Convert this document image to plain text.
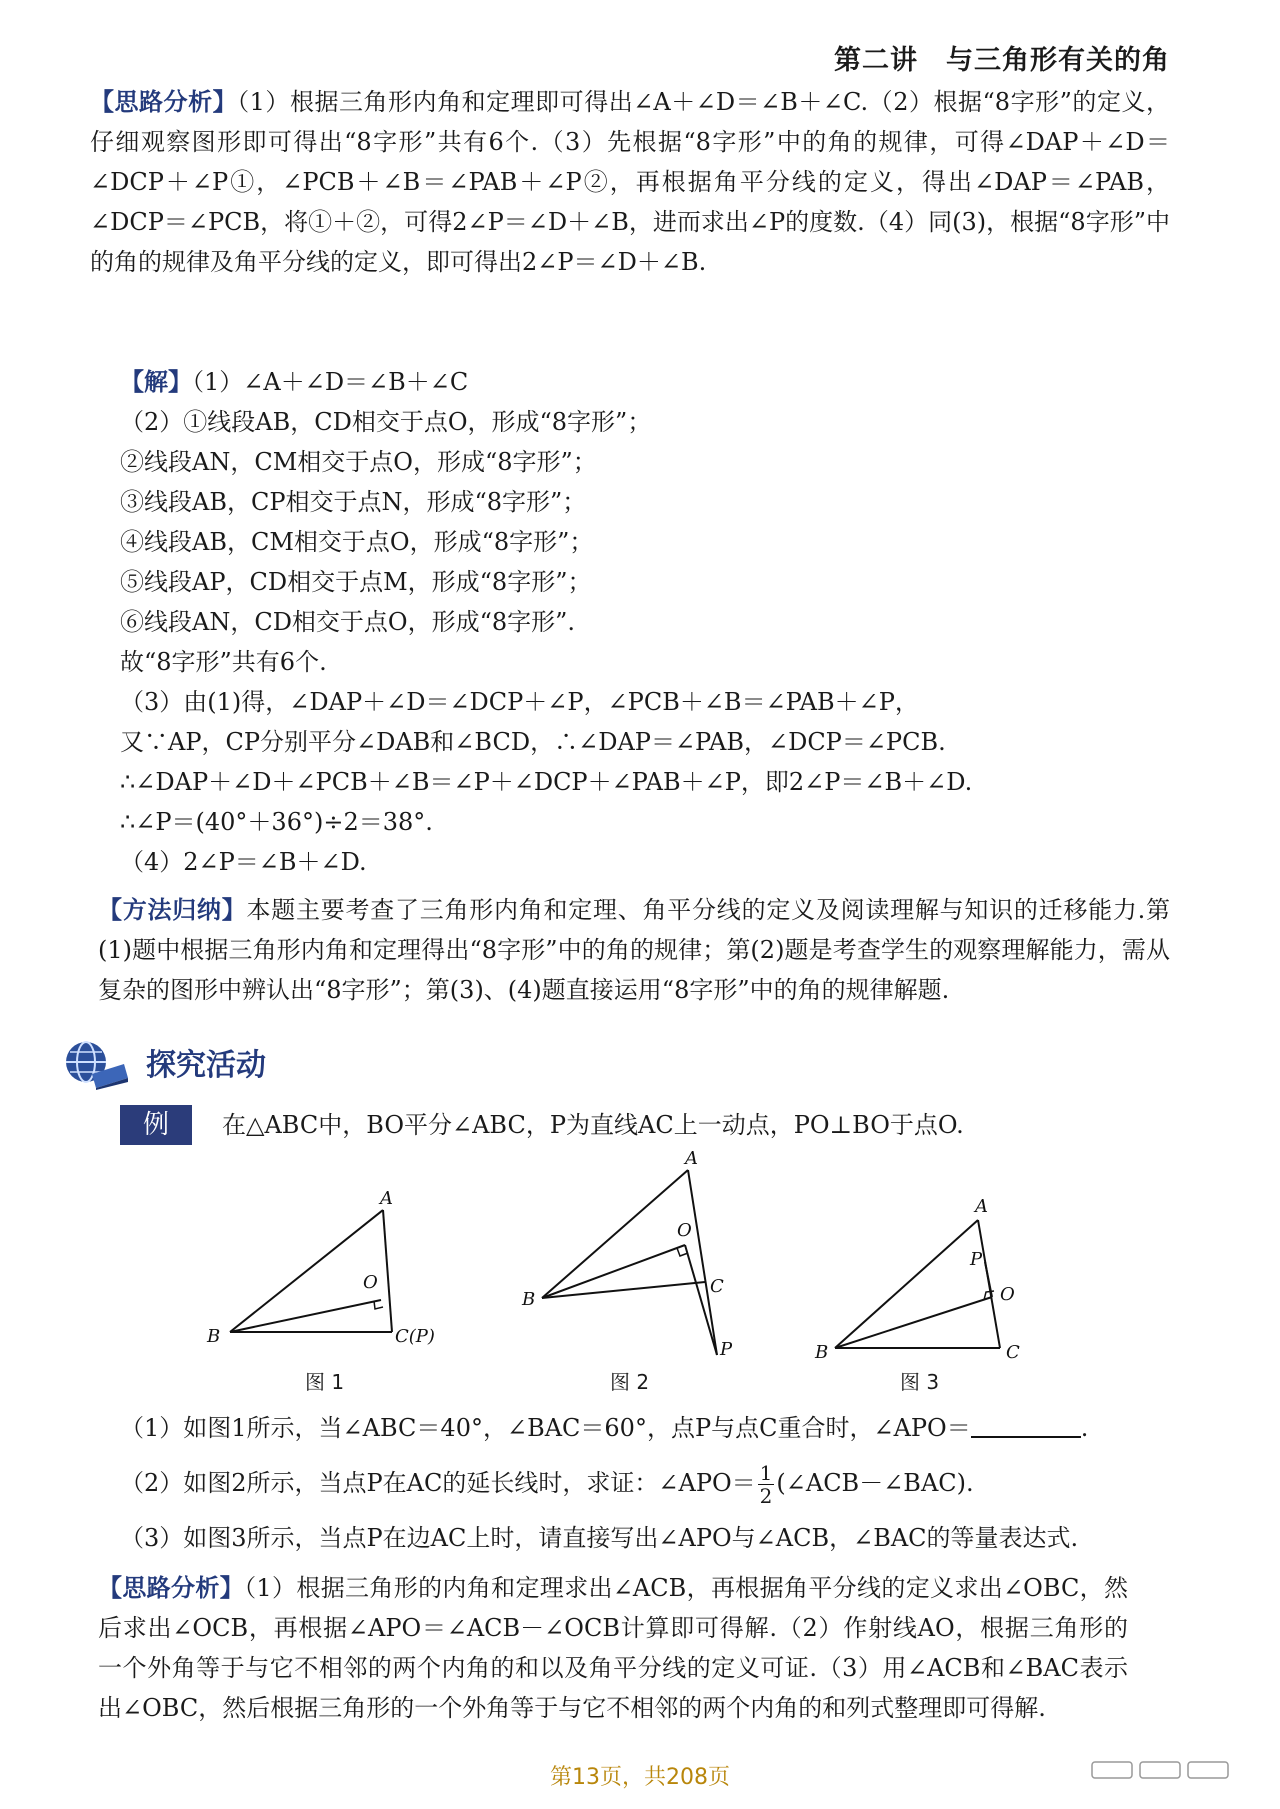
第二讲　与三角形有关的角
【思路分析】（1）根据三角形内角和定理即可得出∠A＋∠D＝∠B＋∠C.（2）根据“8字形”的定义，仔细观察图形即可得出“8字形”共有6个.（3）先根据“8字形”中的角的规律，可得∠DAP＋∠D＝∠DCP＋∠P①，∠PCB＋∠B＝∠PAB＋∠P②，再根据角平分线的定义，得出∠DAP＝∠PAB，∠DCP＝∠PCB，将①＋②，可得2∠P＝∠D＋∠B，进而求出∠P的度数.（4）同(3)，根据“8字形”中的角的规律及角平分线的定义，即可得出2∠P＝∠D＋∠B.
【解】（1）∠A＋∠D＝∠B＋∠C
（2）①线段AB，CD相交于点O，形成“8字形”；
②线段AN，CM相交于点O，形成“8字形”；
③线段AB，CP相交于点N，形成“8字形”；
④线段AB，CM相交于点O，形成“8字形”；
⑤线段AP，CD相交于点M，形成“8字形”；
⑥线段AN，CD相交于点O，形成“8字形”.
故“8字形”共有6个.
（3）由(1)得，∠DAP＋∠D＝∠DCP＋∠P，∠PCB＋∠B＝∠PAB＋∠P，
又∵AP，CP分别平分∠DAB和∠BCD，∴∠DAP＝∠PAB，∠DCP＝∠PCB.
∴∠DAP＋∠D＋∠PCB＋∠B＝∠P＋∠DCP＋∠PAB＋∠P，即2∠P＝∠B＋∠D.
∴∠P＝(40°＋36°)÷2＝38°.
（4）2∠P＝∠B＋∠D.
【方法归纳】本题主要考查了三角形内角和定理、角平分线的定义及阅读理解与知识的迁移能力.第(1)题中根据三角形内角和定理得出“8字形”中的角的规律；第(2)题是考查学生的观察理解能力，需从复杂的图形中辨认出“8字形”；第(3)、(4)题直接运用“8字形”中的角的规律解题.
探究活动
例	在△ABC中，BO平分∠ABC，P为直线AC上一动点，PO⊥BO于点O.
A
B	C(P)
O
图 1
A
B
C
O
P
图 2
A
B	C
O
P
图 3
（1）如图1所示，当∠ABC＝40°，∠BAC＝60°，点P与点C重合时，∠APO＝	.
（2）如图2所示，当点P在AC的延长线时，求证：∠APO＝ $\frac{1}{2}$ (∠ACB－∠BAC).
（3）如图3所示，当点P在边AC上时，请直接写出∠APO与∠ACB，∠BAC的等量表达式.
【思路分析】（1）根据三角形的内角和定理求出∠ACB，再根据角平分线的定义求出∠OBC，然后求出∠OCB，再根据∠APO＝∠ACB－∠OCB计算即可得解.（2）作射线AO，根据三角形的一个外角等于与它不相邻的两个内角的和以及角平分线的定义可证.（3）用∠ACB和∠BAC表示出∠OBC，然后根据三角形的一个外角等于与它不相邻的两个内角的和列式整理即可得解.
第13页，共208页
